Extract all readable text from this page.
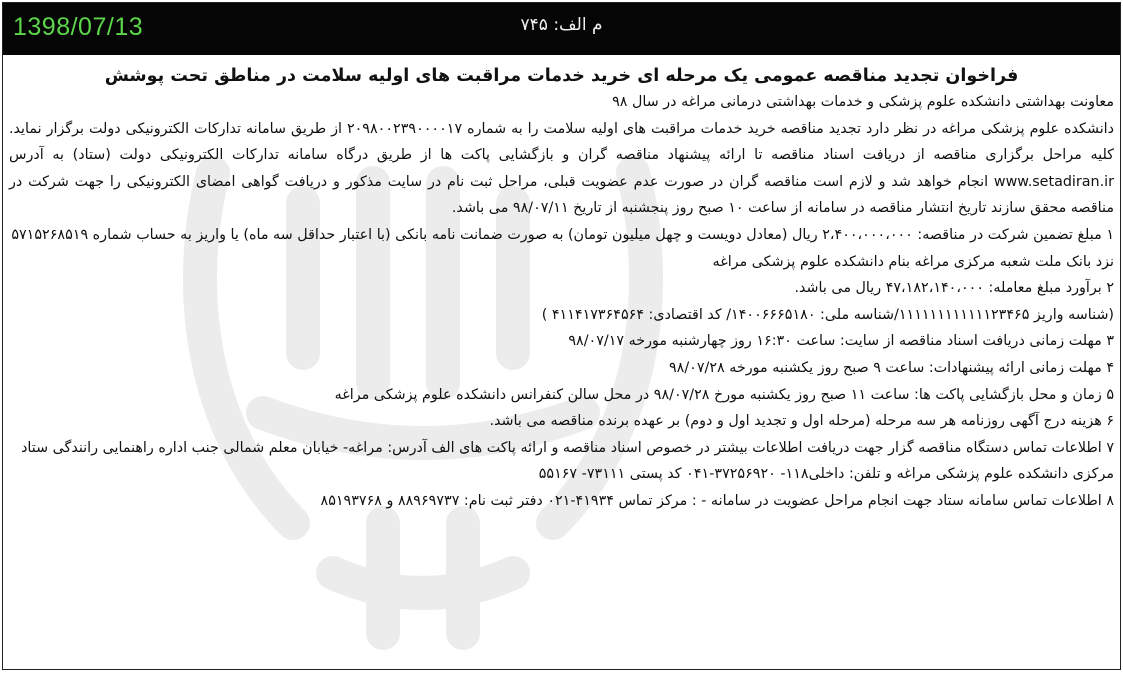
1398/07/13	م الف: ۷۴۵
فراخوان تجدید مناقصه عمومی یک مرحله ای خرید خدمات مراقبت های اولیه سلامت در مناطق تحت پوشش
معاونت بهداشتی دانشکده علوم پزشکی و خدمات بهداشتی درمانی مراغه در سال ۹۸
دانشکده علوم پزشکی مراغه در نظر دارد تجدید مناقصه خرید خدمات مراقبت های اولیه سلامت را به شماره ۲۰۹۸۰۰۲۳۹۰۰۰۰۱۷ از طریق سامانه تدارکات الکترونیکی دولت برگزار نماید. کلیه مراحل برگزاری مناقصه از دریافت اسناد مناقصه تا ارائه پیشنهاد مناقصه گران و بازگشایی پاکت ها از طریق درگاه سامانه تدارکات الکترونیکی دولت (ستاد) به آدرس www.setadiran.ir انجام خواهد شد و لازم است مناقصه گران در صورت عدم عضویت قبلی، مراحل ثبت نام در سایت مذکور و دریافت گواهی امضای الکترونیکی را جهت شرکت در مناقصه محقق سازند تاریخ انتشار مناقصه در سامانه از ساعت ۱۰ صبح روز پنجشنبه از تاریخ ۹۸/۰۷/۱۱ می باشد.
۱ مبلغ تضمین شرکت در مناقصه: ۲،۴۰۰،۰۰۰،۰۰۰ ریال (معادل دویست و چهل میلیون تومان) به صورت ضمانت نامه بانکی (با اعتبار حداقل سه ماه) یا واریز به حساب شماره ۵۷۱۵۲۶۸۵۱۹ نزد بانک ملت شعبه مرکزی مراغه بنام دانشکده علوم پزشکی مراغه
۲ برآورد مبلغ معامله: ۴۷،۱۸۲،۱۴۰،۰۰۰ ریال می باشد.
(شناسه واریز ۱۱۱۱۱۱۱۱۱۱۱۱۲۳۴۶۵/شناسه ملی: ۱۴۰۰۶۶۶۵۱۸۰/ کد اقتصادی: ۴۱۱۴۱۷۳۶۴۵۶۴ )
۳ مهلت زمانی دریافت اسناد مناقصه از سایت: ساعت ۱۶:۳۰ روز چهارشنبه مورخه ۹۸/۰۷/۱۷
۴ مهلت زمانی ارائه پیشنهادات: ساعت ۹ صبح روز یکشنبه مورخه ۹۸/۰۷/۲۸
۵ زمان و محل بازگشایی پاکت ها: ساعت ۱۱ صبح روز یکشنبه مورخ ۹۸/۰۷/۲۸ در محل سالن کنفرانس دانشکده علوم پزشکی مراغه
۶ هزینه درج آگهی روزنامه هر سه مرحله (مرحله اول و تجدید اول و دوم) بر عهده برنده مناقصه می باشد.
۷ اطلاعات تماس دستگاه مناقصه گزار جهت دریافت اطلاعات بیشتر در خصوص اسناد مناقصه و ارائه پاکت های الف آدرس: مراغه- خیابان معلم شمالی جنب اداره راهنمایی رانندگی ستاد مرکزی دانشکده علوم پزشکی مراغه و تلفن: داخلی۱۱۸- ۳۷۲۵۶۹۲۰-۰۴۱ کد پستی ۷۳۱۱۱- ۵۵۱۶۷
۸ اطلاعات تماس سامانه ستاد جهت انجام مراحل عضویت در سامانه - : مرکز تماس ۴۱۹۳۴-۰۲۱ دفتر ثبت نام: ۸۸۹۶۹۷۳۷ و ۸۵۱۹۳۷۶۸
